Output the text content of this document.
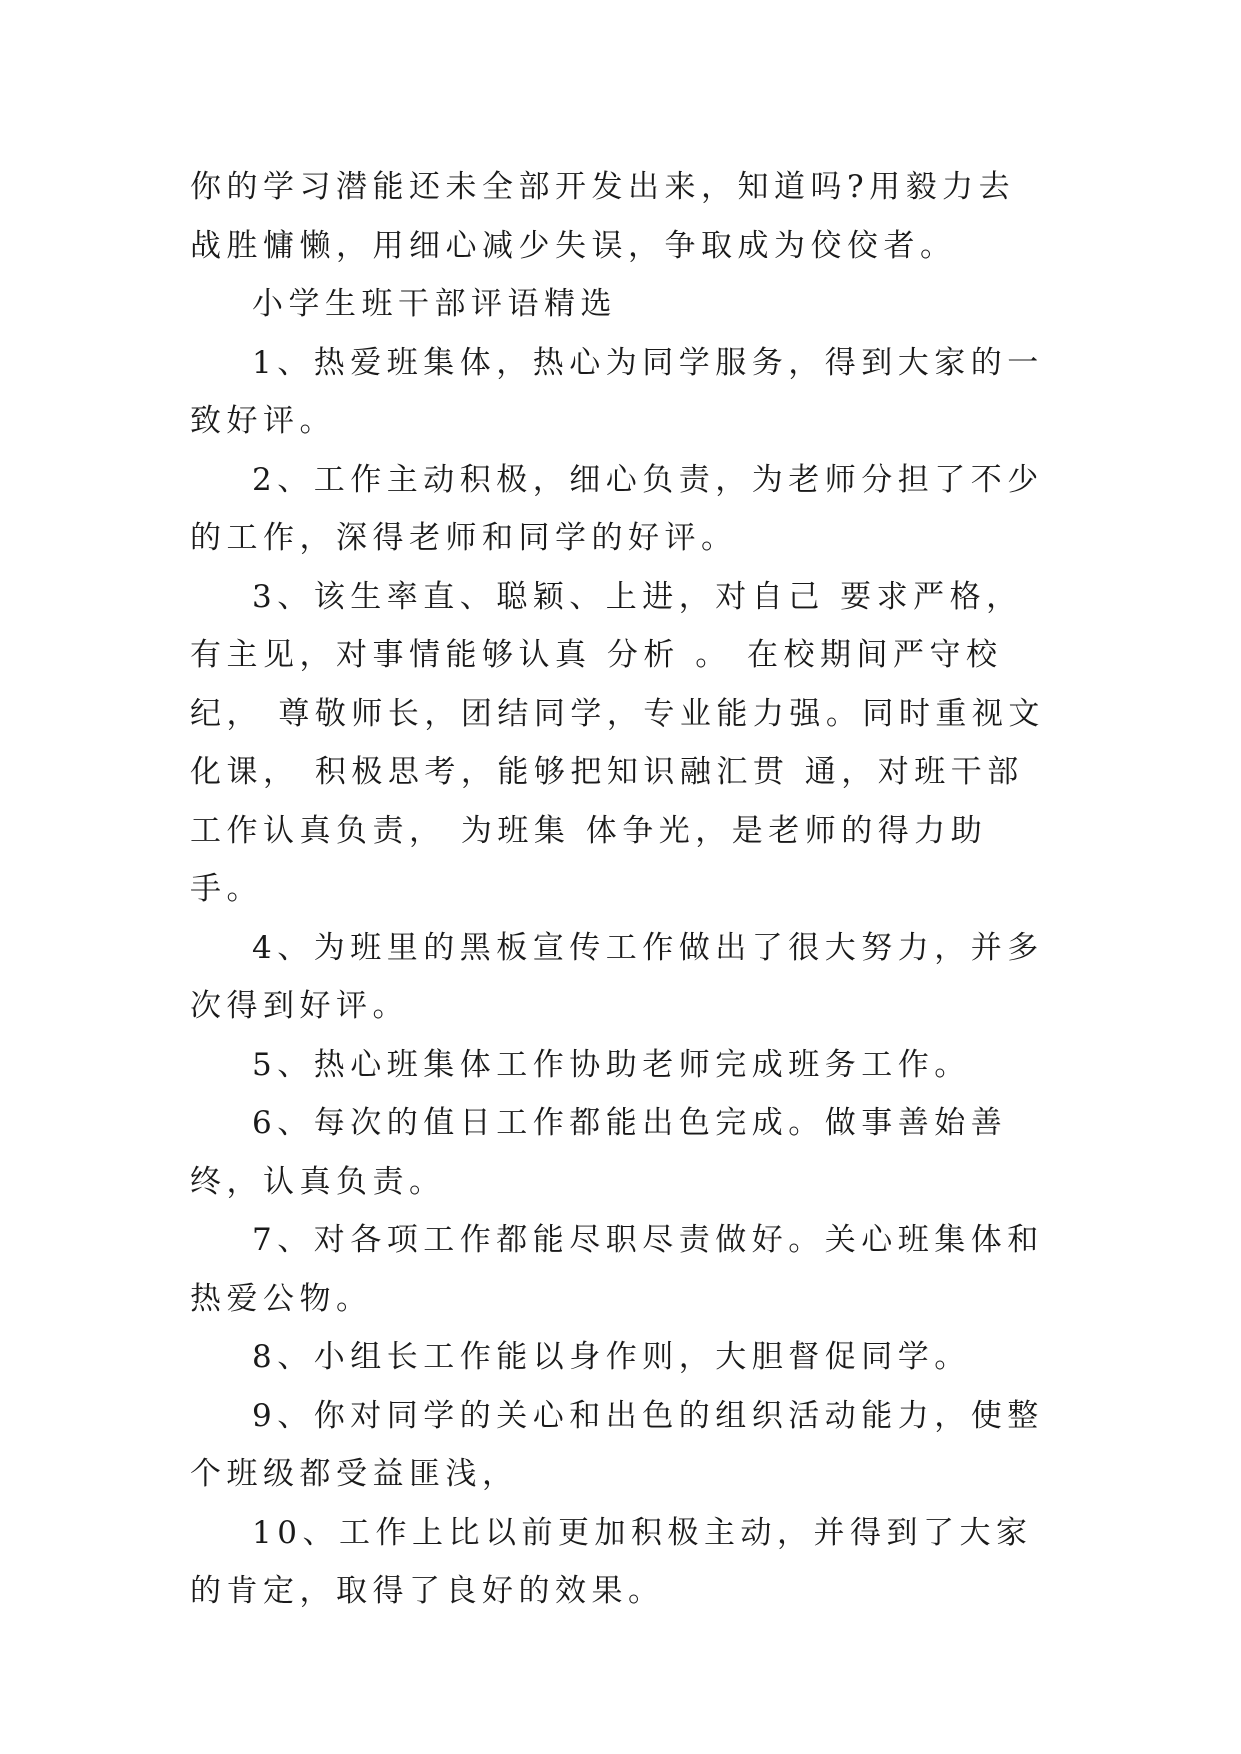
你的学习潜能还未全部开发出来，知道吗?用毅力去战胜慵懒，用细心减少失误，争取成为佼佼者。

小学生班干部评语精选

1、热爱班集体，热心为同学服务，得到大家的一致好评。

2、工作主动积极，细心负责，为老师分担了不少的工作，深得老师和同学的好评。

3、该生率直、聪颖、上进，对自己 要求严格，有主见，对事情能够认真 分析 。 在校期间严守校纪， 尊敬师长，团结同学，专业能力强。同时重视文 化课， 积极思考，能够把知识融汇贯 通，对班干部工作认真负责， 为班集 体争光，是老师的得力助手。

4、为班里的黑板宣传工作做出了很大努力，并多次得到好评。

5、热心班集体工作协助老师完成班务工作。

6、每次的值日工作都能出色完成。做事善始善终，认真负责。

7、对各项工作都能尽职尽责做好。关心班集体和热爱公物。

8、小组长工作能以身作则，大胆督促同学。

9、你对同学的关心和出色的组织活动能力，使整个班级都受益匪浅，

10、工作上比以前更加积极主动，并得到了大家的肯定，取得了良好的效果。
